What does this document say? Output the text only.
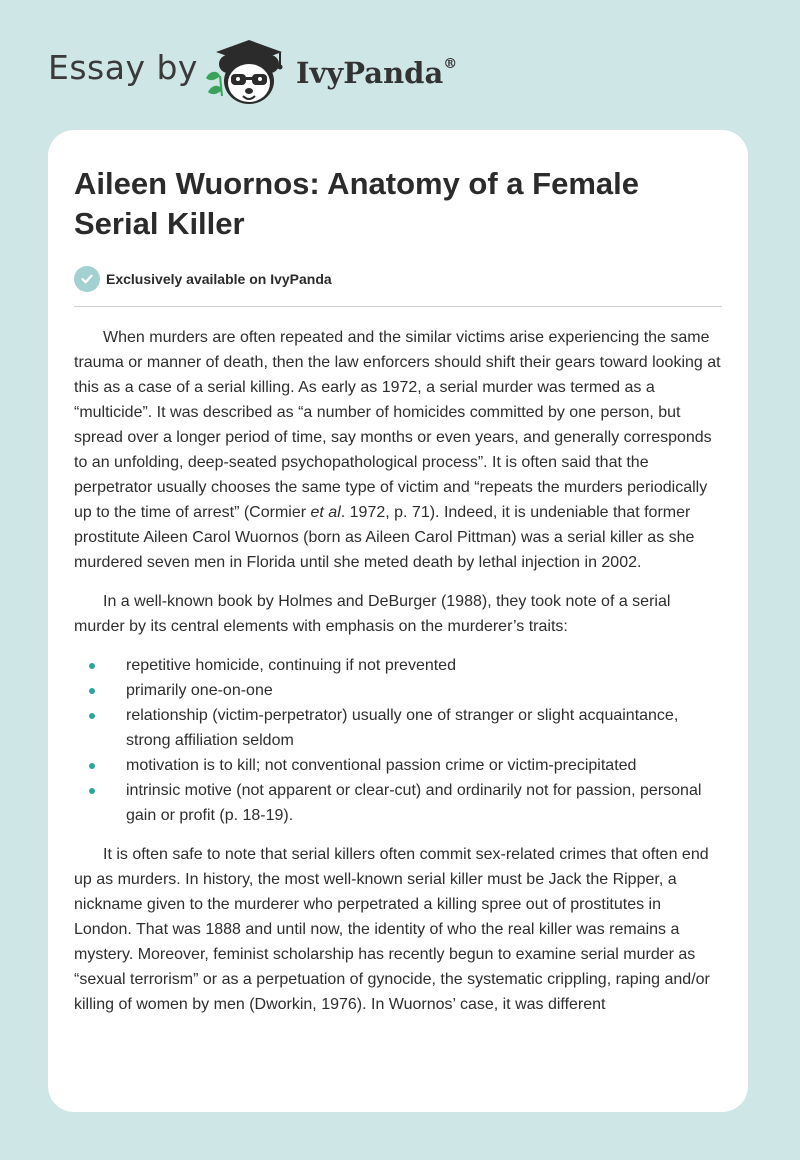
Essay by	IvyPanda®
Aileen Wuornos: Anatomy of a Female Serial Killer
Exclusively available on IvyPanda

When murders are often repeated and the similar victims arise experiencing the same trauma or manner of death, then the law enforcers should shift their gears toward looking at this as a case of a serial killing. As early as 1972, a serial murder was termed as a “multicide”. It was described as “a number of homicides committed by one person, but spread over a longer period of time, say months or even years, and generally corresponds to an unfolding, deep-seated psychopathological process”. It is often said that the perpetrator usually chooses the same type of victim and “repeats the murders periodically up to the time of arrest” (Cormier et al. 1972, p. 71). Indeed, it is undeniable that former prostitute Aileen Carol Wuornos (born as Aileen Carol Pittman) was a serial killer as she murdered seven men in Florida until she meted death by lethal injection in 2002.

In a well-known book by Holmes and DeBurger (1988), they took note of a serial murder by its central elements with emphasis on the murderer’s traits:

repetitive homicide, continuing if not prevented
primarily one-on-one
relationship (victim-perpetrator) usually one of stranger or slight acquaintance, strong affiliation seldom
motivation is to kill; not conventional passion crime or victim-precipitated
intrinsic motive (not apparent or clear-cut) and ordinarily not for passion, personal gain or profit (p. 18-19).

It is often safe to note that serial killers often commit sex-related crimes that often end up as murders. In history, the most well-known serial killer must be Jack the Ripper, a nickname given to the murderer who perpetrated a killing spree out of prostitutes in London. That was 1888 and until now, the identity of who the real killer was remains a mystery. Moreover, feminist scholarship has recently begun to examine serial murder as “sexual terrorism” or as a perpetuation of gynocide, the systematic crippling, raping and/or killing of women by men (Dworkin, 1976). In Wuornos’ case, it was different
